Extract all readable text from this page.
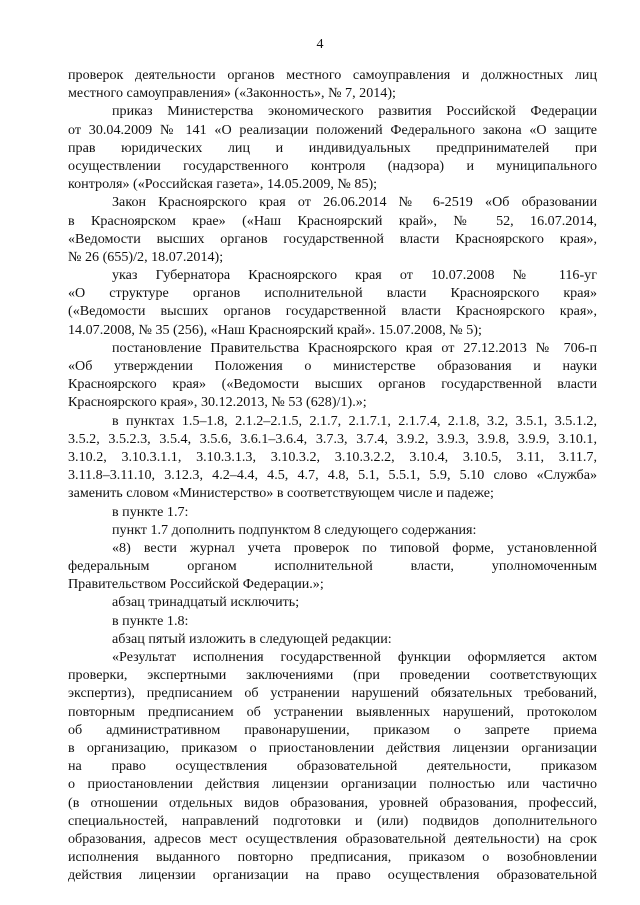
4
проверок деятельности органов местного самоуправления и должностных лиц
местного самоуправления» («Законность», № 7, 2014);
приказ Министерства экономического развития Российской Федерации
от 30.04.2009 № 141 «О реализации положений Федерального закона «О защите
прав юридических лиц и индивидуальных предпринимателей при
осуществлении государственного контроля (надзора) и муниципального
контроля» («Российская газета», 14.05.2009, № 85);
Закон Красноярского края от 26.06.2014 № 6-2519 «Об образовании
в Красноярском крае» («Наш Красноярский край», № 52, 16.07.2014,
«Ведомости высших органов государственной власти Красноярского края»,
№ 26 (655)/2, 18.07.2014);
указ Губернатора Красноярского края от 10.07.2008 № 116-уг
«О структуре органов исполнительной власти Красноярского края»
(«Ведомости высших органов государственной власти Красноярского края»,
14.07.2008, № 35 (256), «Наш Красноярский край». 15.07.2008, № 5);
постановление Правительства Красноярского края от 27.12.2013 № 706-п
«Об утверждении Положения о министерстве образования и науки
Красноярского края» («Ведомости высших органов государственной власти
Красноярского края», 30.12.2013, № 53 (628)/1).»;
в пунктах 1.5–1.8, 2.1.2–2.1.5, 2.1.7, 2.1.7.1, 2.1.7.4, 2.1.8, 3.2, 3.5.1, 3.5.1.2,
3.5.2, 3.5.2.3, 3.5.4, 3.5.6, 3.6.1–3.6.4, 3.7.3, 3.7.4, 3.9.2, 3.9.3, 3.9.8, 3.9.9, 3.10.1,
3.10.2, 3.10.3.1.1, 3.10.3.1.3, 3.10.3.2, 3.10.3.2.2, 3.10.4, 3.10.5, 3.11, 3.11.7,
3.11.8–3.11.10, 3.12.3, 4.2–4.4, 4.5, 4.7, 4.8, 5.1, 5.5.1, 5.9, 5.10 слово «Служба»
заменить словом «Министерство» в соответствующем числе и падеже;
в пункте 1.7:
пункт 1.7 дополнить подпунктом 8 следующего содержания:
«8) вести журнал учета проверок по типовой форме, установленной
федеральным органом исполнительной власти, уполномоченным
Правительством Российской Федерации.»;
абзац тринадцатый исключить;
в пункте 1.8:
абзац пятый изложить в следующей редакции:
«Результат исполнения государственной функции оформляется актом
проверки, экспертными заключениями (при проведении соответствующих
экспертиз), предписанием об устранении нарушений обязательных требований,
повторным предписанием об устранении выявленных нарушений, протоколом
об административном правонарушении, приказом о запрете приема
в организацию, приказом о приостановлении действия лицензии организации
на право осуществления образовательной деятельности, приказом
о приостановлении действия лицензии организации полностью или частично
(в отношении отдельных видов образования, уровней образования, профессий,
специальностей, направлений подготовки и (или) подвидов дополнительного
образования, адресов мест осуществления образовательной деятельности) на срок
исполнения выданного повторно предписания, приказом о возобновлении
действия лицензии организации на право осуществления образовательной
